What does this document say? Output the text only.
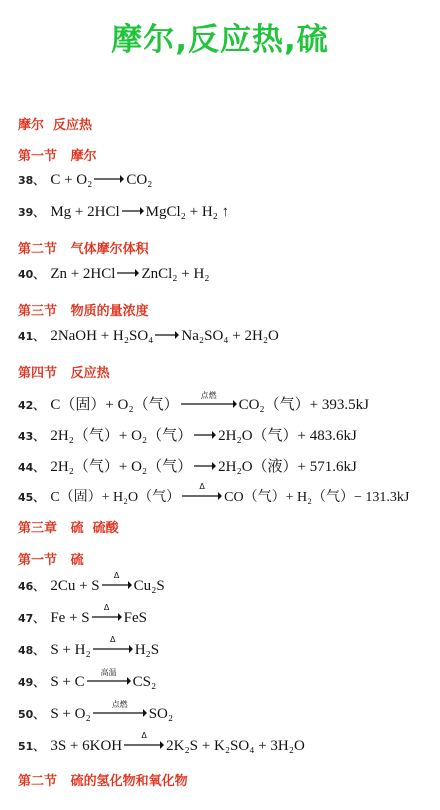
摩尔,反应热,硫
摩尔  反应热
第一节   摩尔
38、 C + O₂ → CO₂
39、 Mg + 2HCl → MgCl₂ + H₂ ↑
第二节   气体摩尔体积
40、 Zn + 2HCl → ZnCl₂ + H₂
第三节   物质的量浓度
41、 2NaOH + H₂SO₄ → Na₂SO₄ + 2H₂O
第四节   反应热
42、 C（固）+ O₂（气）
点燃
CO₂（气）+ 393.5kJ
43、 2H₂（气）+ O₂（气） → 2H₂O（气）+ 483.6kJ
44、 2H₂（气）+ O₂（气） → 2H₂O（液）+ 571.6kJ
45、 C（固）+ H₂O（气）
Δ
CO（气）+ H₂（气）− 131.3kJ
第三章   硫  硫酸
第一节   硫
46、 2Cu + S
Δ
Cu₂S
47、 Fe + S
Δ
FeS
48、 S + H₂
Δ
H₂S
49、 S + C
高温
CS₂
50、 S + O₂
点燃
SO₂
51、 3S + 6KOH
Δ
2K₂S + K₂SO₄ + 3H₂O
第二节   硫的氢化物和氧化物
